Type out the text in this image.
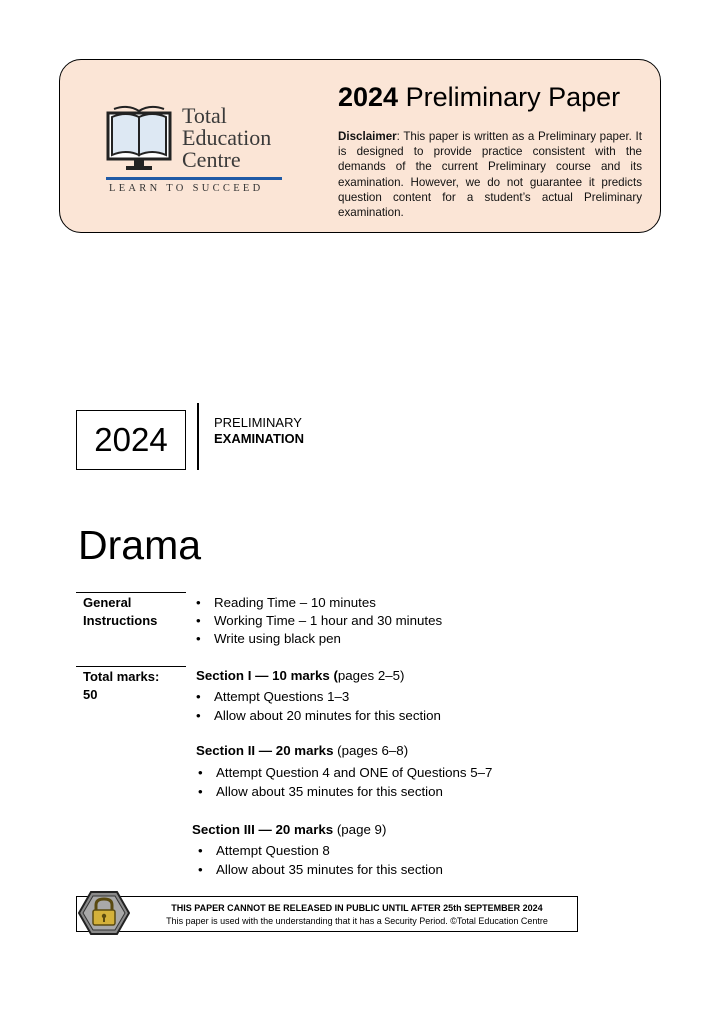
Total
Education
Centre
LEARN TO SUCCEED
2024 Preliminary Paper
Disclaimer: This paper is written as a Preliminary paper. It is designed to provide practice consistent with the demands of the current Preliminary course and its examination. However, we do not guarantee it predicts question content for a student’s actual Preliminary examination.
2024	PRELIMINARY
EXAMINATION
Drama
General
Instructions
• Reading Time – 10 minutes
• Working Time – 1 hour and 30 minutes
• Write using black pen
Total marks:
50
Section I — 10 marks (pages 2–5)
• Attempt Questions 1–3
• Allow about 20 minutes for this section
Section II — 20 marks (pages 6–8)
• Attempt Question 4 and ONE of Questions 5–7
• Allow about 35 minutes for this section
Section III — 20 marks (page 9)
• Attempt Question 8
• Allow about 35 minutes for this section
THIS PAPER CANNOT BE RELEASED IN PUBLIC UNTIL AFTER 25th SEPTEMBER 2024
This paper is used with the understanding that it has a Security Period. ©Total Education Centre
